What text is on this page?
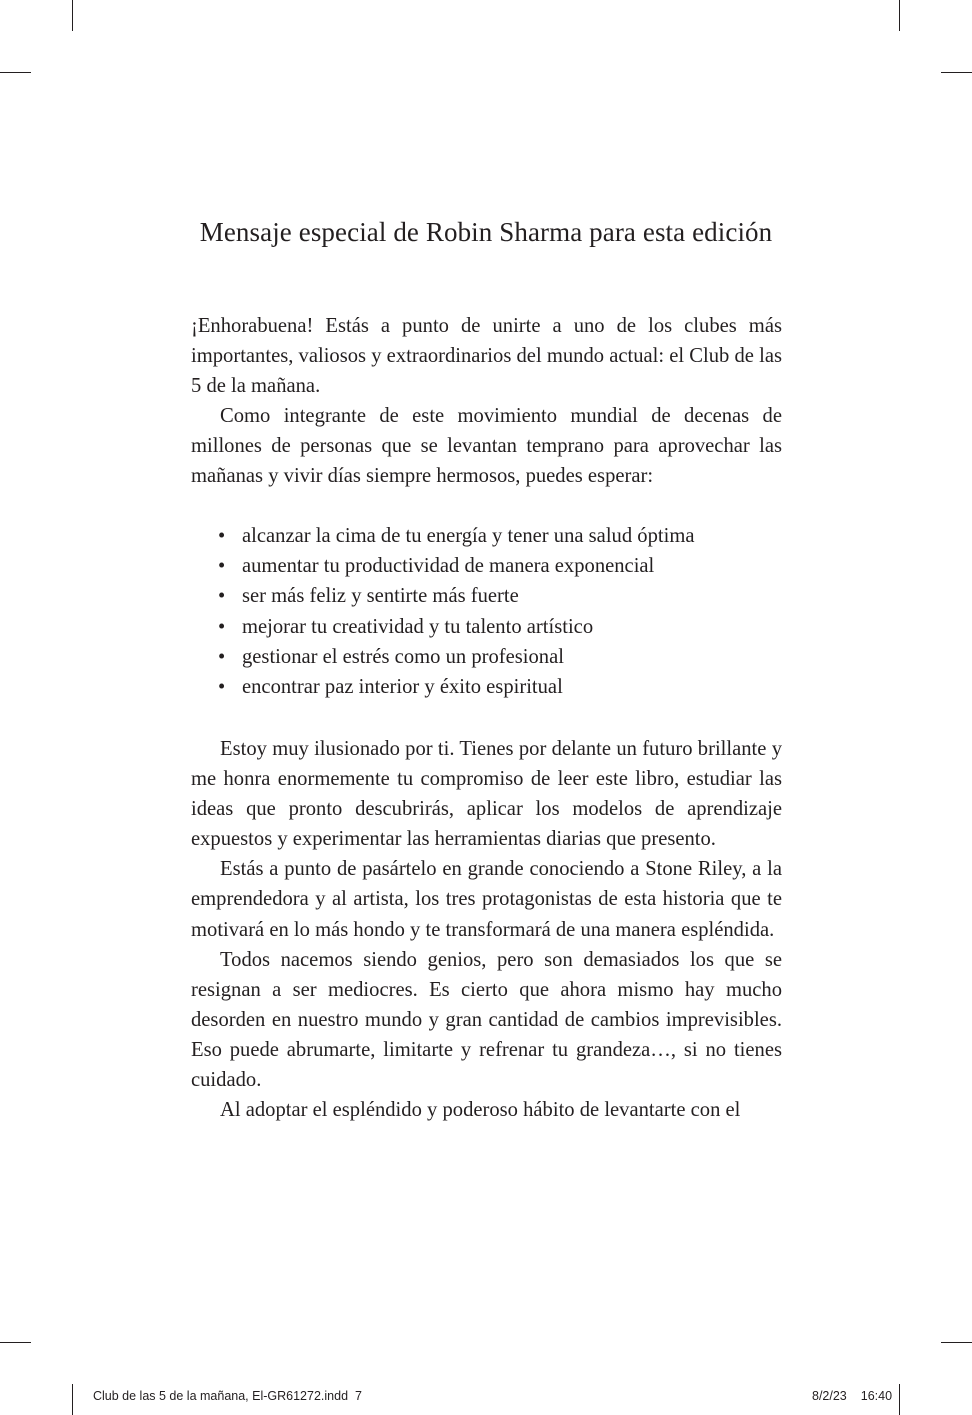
Mensaje especial de Robin Sharma para esta edición

¡Enhorabuena! Estás a punto de unirte a uno de los clubes más importantes, valiosos y extraordinarios del mundo actual: el Club de las 5 de la mañana.

Como integrante de este movimiento mundial de decenas de millones de personas que se levantan temprano para aprovechar las mañanas y vivir días siempre hermosos, puedes esperar:

• alcanzar la cima de tu energía y tener una salud óptima
• aumentar tu productividad de manera exponencial
• ser más feliz y sentirte más fuerte
• mejorar tu creatividad y tu talento artístico
• gestionar el estrés como un profesional
• encontrar paz interior y éxito espiritual

Estoy muy ilusionado por ti. Tienes por delante un futuro brillante y me honra enormemente tu compromiso de leer este libro, estudiar las ideas que pronto descubrirás, aplicar los modelos de aprendizaje expuestos y experimentar las herramientas diarias que presento.

Estás a punto de pasártelo en grande conociendo a Stone Riley, a la emprendedora y al artista, los tres protagonistas de esta historia que te motivará en lo más hondo y te transformará de una manera espléndida.

Todos nacemos siendo genios, pero son demasiados los que se resignan a ser mediocres. Es cierto que ahora mismo hay mucho desorden en nuestro mundo y gran cantidad de cambios imprevisibles. Eso puede abrumarte, limitarte y refrenar tu grandeza…, si no tienes cuidado.

Al adoptar el espléndido y poderoso hábito de levantarte con el

Club de las 5 de la mañana, El-GR61272.indd 7	8/2/23 16:40
